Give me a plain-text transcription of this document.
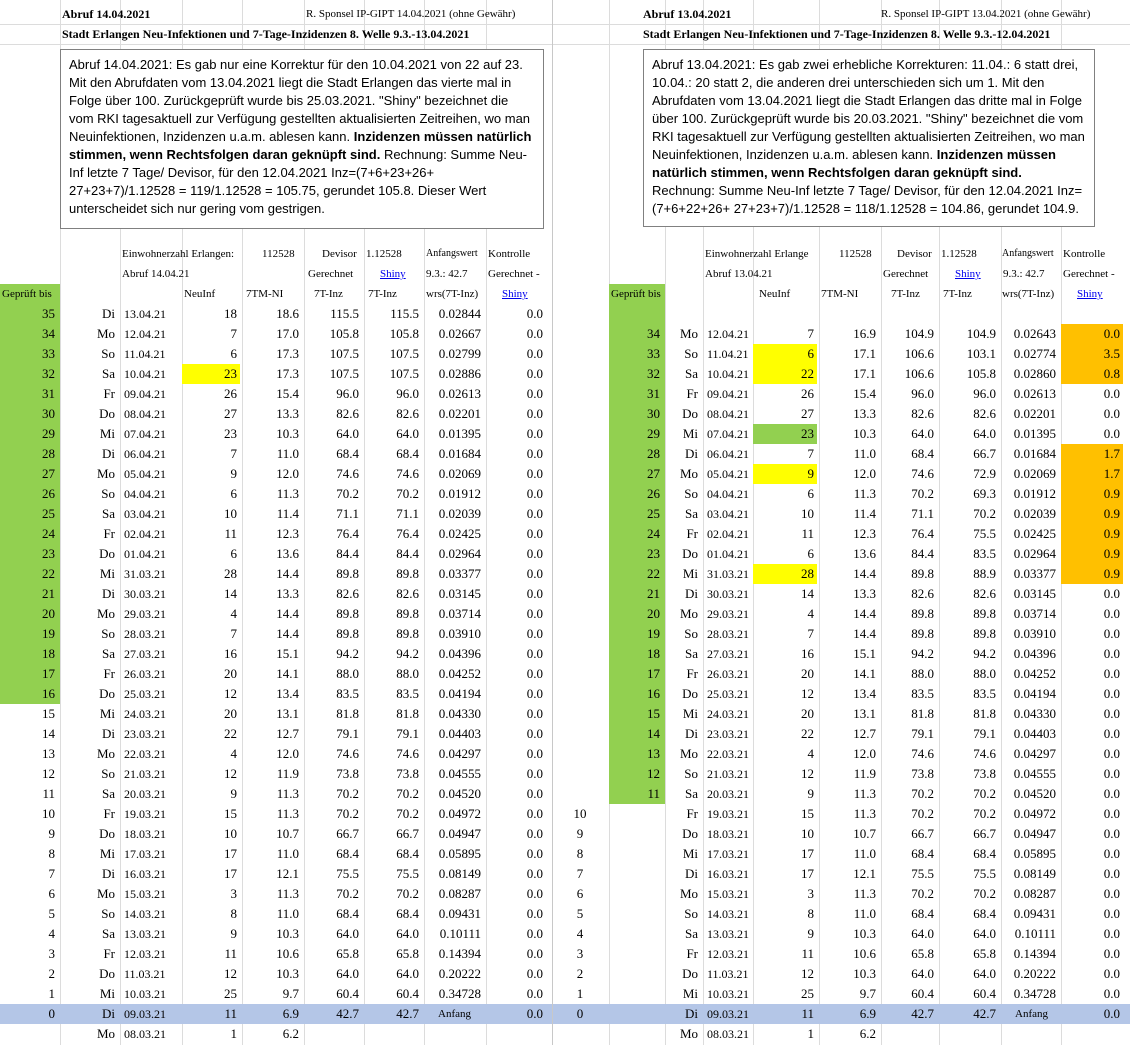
Abruf 14.04.2021	R. Sponsel IP-GIPT 14.04.2021 (ohne Gewähr)
Stadt Erlangen Neu-Infektionen und 7-Tage-Inzidenzen 8. Welle 9.3.-13.04.2021

Abruf 14.04.2021: Es gab nur eine Korrektur für den 10.04.2021 von 22 auf 23. Mit den Abrufdaten vom 13.04.2021 liegt die Stadt Erlangen das vierte mal in Folge über 100. Zurückgeprüft wurde bis 25.03.2021. "Shiny" bezeichnet die vom RKI tagesaktuell zur Verfügung gestellten aktualisierten Zeitreihen, wo man Neuinfektionen, Inzidenzen u.a.m. ablesen kann. Inzidenzen müssen natürlich stimmen, wenn Rechtsfolgen daran geknüpft sind. Rechnung: Summe Neu-Inf letzte 7 Tage/ Devisor, für den 12.04.2021 Inz=(7+6+23+26+ 27+23+7)/1.12528 = 119/1.12528 = 105.75, gerundet 105.8. Dieser Wert unterscheidet sich nur gering vom gestrigen.

Einwohnerzahl Erlangen:	112528 Devisor 1.12528 Anfangswert Kontrolle
Abruf 14.04.21	Gerechnet Shiny 9.3.: 42.7 Gerechnet -
Geprüft bis	NeuInf	7TM-NI	7T-Inz 7T-Inz	wrs(7T-Inz) Shiny
35	Di 13.04.21	18	18.6	115.5	115.5	0.02844	0.0
34	Mo 12.04.21	7	17.0	105.8	105.8	0.02667	0.0
33	So 11.04.21	6	17.3	107.5	107.5	0.02799	0.0
32	Sa 10.04.21	23	17.3	107.5	107.5	0.02886	0.0
31	Fr 09.04.21	26	15.4	96.0	96.0	0.02613	0.0
30	Do 08.04.21	27	13.3	82.6	82.6	0.02201	0.0
29	Mi 07.04.21	23	10.3	64.0	64.0	0.01395	0.0
28	Di 06.04.21	7	11.0	68.4	68.4	0.01684	0.0
27	Mo 05.04.21	9	12.0	74.6	74.6	0.02069	0.0
26	So 04.04.21	6	11.3	70.2	70.2	0.01912	0.0
25	Sa 03.04.21	10	11.4	71.1	71.1	0.02039	0.0
24	Fr 02.04.21	11	12.3	76.4	76.4	0.02425	0.0
23	Do 01.04.21	6	13.6	84.4	84.4	0.02964	0.0
22	Mi 31.03.21	28	14.4	89.8	89.8	0.03377	0.0
21	Di 30.03.21	14	13.3	82.6	82.6	0.03145	0.0
20	Mo 29.03.21	4	14.4	89.8	89.8	0.03714	0.0
19	So 28.03.21	7	14.4	89.8	89.8	0.03910	0.0
18	Sa 27.03.21	16	15.1	94.2	94.2	0.04396	0.0
17	Fr 26.03.21	20	14.1	88.0	88.0	0.04252	0.0
16	Do 25.03.21	12	13.4	83.5	83.5	0.04194	0.0
15	Mi 24.03.21	20	13.1	81.8	81.8	0.04330	0.0
14	Di 23.03.21	22	12.7	79.1	79.1	0.04403	0.0
13	Mo 22.03.21	4	12.0	74.6	74.6	0.04297	0.0
12	So 21.03.21	12	11.9	73.8	73.8	0.04555	0.0
11	Sa 20.03.21	9	11.3	70.2	70.2	0.04520	0.0
10	Fr 19.03.21	15	11.3	70.2	70.2	0.04972	0.0
9	Do 18.03.21	10	10.7	66.7	66.7	0.04947	0.0
8	Mi 17.03.21	17	11.0	68.4	68.4	0.05895	0.0
7	Di 16.03.21	17	12.1	75.5	75.5	0.08149	0.0
6	Mo 15.03.21	3	11.3	70.2	70.2	0.08287	0.0
5	So 14.03.21	8	11.0	68.4	68.4	0.09431	0.0
4	Sa 13.03.21	9	10.3	64.0	64.0	0.10111	0.0
3	Fr 12.03.21	11	10.6	65.8	65.8	0.14394	0.0
2	Do 11.03.21	12	10.3	64.0	64.0	0.20222	0.0
1	Mi 10.03.21	25	9.7	60.4	60.4	0.34728	0.0
0	Di 09.03.21	11	6.9	42.7	42.7	Anfang	0.0
Mo 08.03.21	1	6.2
Abruf 13.04.2021	R. Sponsel IP-GIPT 13.04.2021 (ohne Gewähr)
Stadt Erlangen Neu-Infektionen und 7-Tage-Inzidenzen 8. Welle 9.3.-12.04.2021

Abruf 13.04.2021: Es gab zwei erhebliche Korrekturen: 11.04.: 6 statt drei, 10.04.: 20 statt 2, die anderen drei unterschieden sich um 1. Mit den Abrufdaten vom 13.04.2021 liegt die Stadt Erlangen das dritte mal in Folge über 100. Zurückgeprüft wurde bis 20.03.2021. "Shiny" bezeichnet die vom RKI tagesaktuell zur Verfügung gestellten aktualisierten Zeitreihen, wo man Neuinfektionen, Inzidenzen u.a.m. ablesen kann. Inzidenzen müssen natürlich stimmen, wenn Rechtsfolgen daran geknüpft sind. Rechnung: Summe Neu-Inf letzte 7 Tage/ Devisor, für den 12.04.2021 Inz=(7+6+22+26+ 27+23+7)/1.12528 = 118/1.12528 = 104.86, gerundet 104.9.

Einwohnerzahl Erlange	112528 Devisor 1.12528	Anfangswert Kontrolle
Abruf 13.04.21	Gerechnet Shiny 9.3.: 42.7 Gerechnet -
Geprüft bis	NeuInf	7TM-NI	7T-Inz 7T-Inz	wrs(7T-Inz) Shiny
34	Mo 12.04.21	7	16.9	104.9	104.9	0.02643	0.0
33	So 11.04.21	6	17.1	106.6	103.1	0.02774	3.5
32	Sa 10.04.21	22	17.1	106.6	105.8	0.02860	0.8
31	Fr 09.04.21	26	15.4	96.0	96.0	0.02613	0.0
30	Do 08.04.21	27	13.3	82.6	82.6	0.02201	0.0
29	Mi 07.04.21	23	10.3	64.0	64.0	0.01395	0.0
28	Di 06.04.21	7	11.0	68.4	66.7	0.01684	1.7
27	Mo 05.04.21	9	12.0	74.6	72.9	0.02069	1.7
26	So 04.04.21	6	11.3	70.2	69.3	0.01912	0.9
25	Sa 03.04.21	10	11.4	71.1	70.2	0.02039	0.9
24	Fr 02.04.21	11	12.3	76.4	75.5	0.02425	0.9
23	Do 01.04.21	6	13.6	84.4	83.5	0.02964	0.9
22	Mi 31.03.21	28	14.4	89.8	88.9	0.03377	0.9
21	Di 30.03.21	14	13.3	82.6	82.6	0.03145	0.0
20	Mo 29.03.21	4	14.4	89.8	89.8	0.03714	0.0
19	So 28.03.21	7	14.4	89.8	89.8	0.03910	0.0
18	Sa 27.03.21	16	15.1	94.2	94.2	0.04396	0.0
17	Fr 26.03.21	20	14.1	88.0	88.0	0.04252	0.0
16	Do 25.03.21	12	13.4	83.5	83.5	0.04194	0.0
15	Mi 24.03.21	20	13.1	81.8	81.8	0.04330	0.0
14	Di 23.03.21	22	12.7	79.1	79.1	0.04403	0.0
13	Mo 22.03.21	4	12.0	74.6	74.6	0.04297	0.0
12	So 21.03.21	12	11.9	73.8	73.8	0.04555	0.0
11	Sa 20.03.21	9	11.3	70.2	70.2	0.04520	0.0
10	Fr 19.03.21	15	11.3	70.2	70.2	0.04972	0.0
9	Do 18.03.21	10	10.7	66.7	66.7	0.04947	0.0
8	Mi 17.03.21	17	11.0	68.4	68.4	0.05895	0.0
7	Di 16.03.21	17	12.1	75.5	75.5	0.08149	0.0
6	Mo 15.03.21	3	11.3	70.2	70.2	0.08287	0.0
5	So 14.03.21	8	11.0	68.4	68.4	0.09431	0.0
4	Sa 13.03.21	9	10.3	64.0	64.0	0.10111	0.0
3	Fr 12.03.21	11	10.6	65.8	65.8	0.14394	0.0
2	Do 11.03.21	12	10.3	64.0	64.0	0.20222	0.0
1	Mi 10.03.21	25	9.7	60.4	60.4	0.34728	0.0
0	Di 09.03.21	11	6.9	42.7	42.7	Anfang	0.0
Mo 08.03.21	1	6.2
